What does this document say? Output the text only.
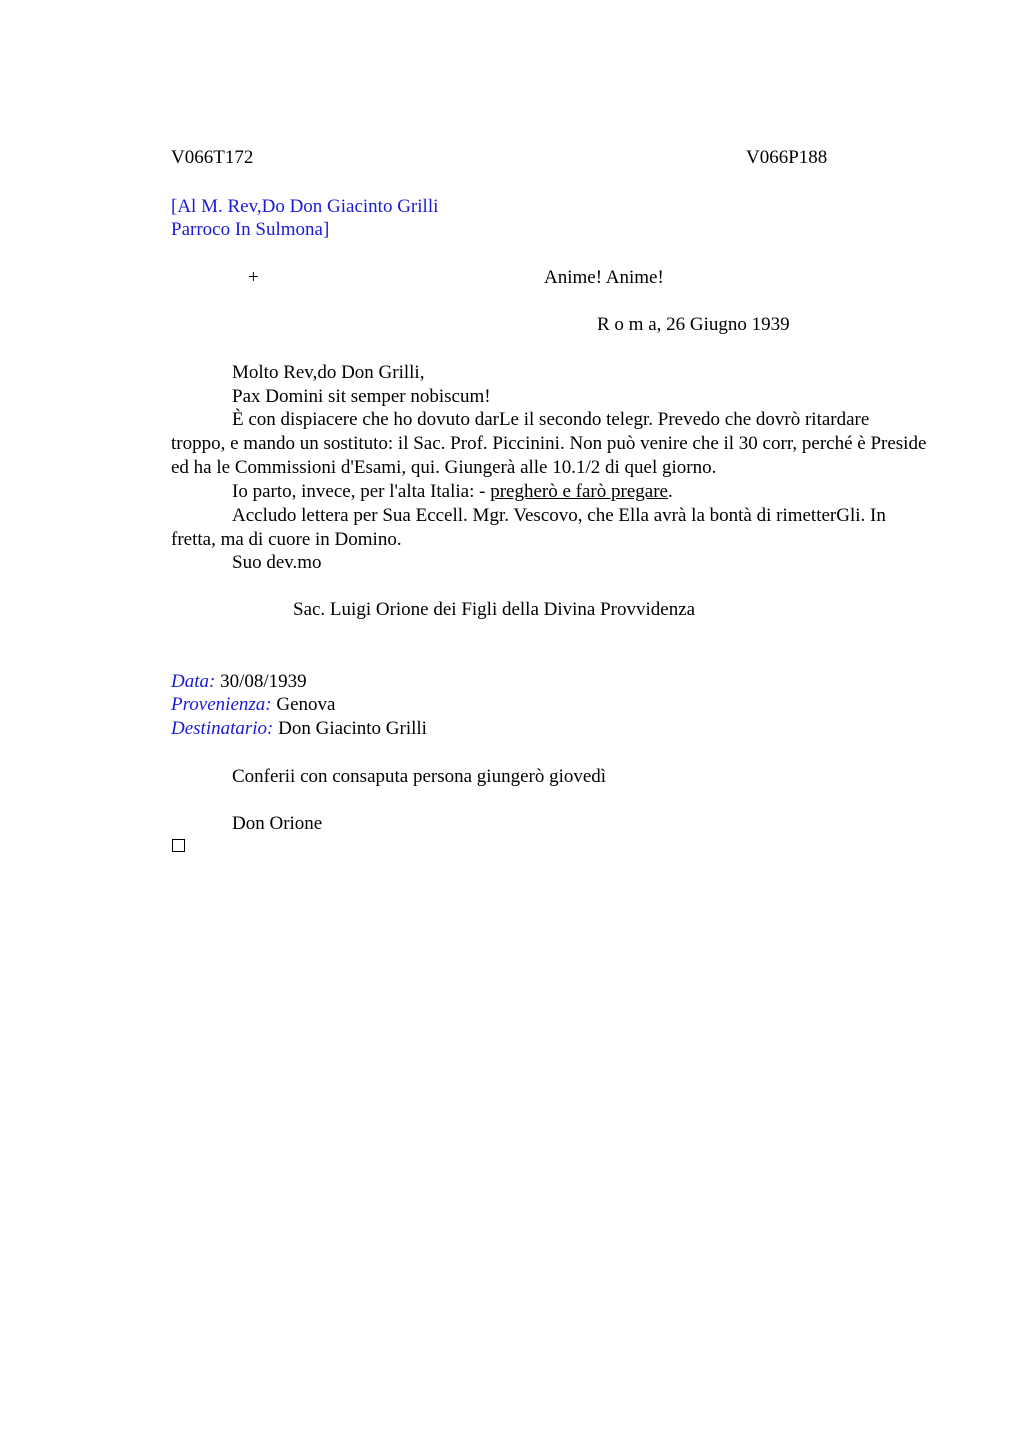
V066T172	V066P188
[Al M. Rev,Do Don Giacinto Grilli
Parroco In Sulmona]
+	Anime! Anime!
R o m a, 26 Giugno 1939
Molto Rev,do Don Grilli,
Pax Domini sit semper nobiscum!
È con dispiacere che ho dovuto darLe il secondo telegr. Prevedo che dovrò ritardare troppo, e mando un sostituto: il Sac. Prof. Piccinini. Non può venire che il 30 corr, perché è Preside ed ha le Commissioni d'Esami, qui. Giungerà alle 10.1/2 di quel giorno.
Io parto, invece, per l'alta Italia: - pregherò e farò pregare.
Accludo lettera per Sua Eccell. Mgr. Vescovo, che Ella avrà la bontà di rimetterGli. In fretta, ma di cuore in Domino.
Suo dev.mo
Sac. Luigi Orione dei Figli della Divina Provvidenza
Data: 30/08/1939
Provenienza: Genova
Destinatario: Don Giacinto Grilli
Conferii con consaputa persona giungerò giovedì
Don Orione
